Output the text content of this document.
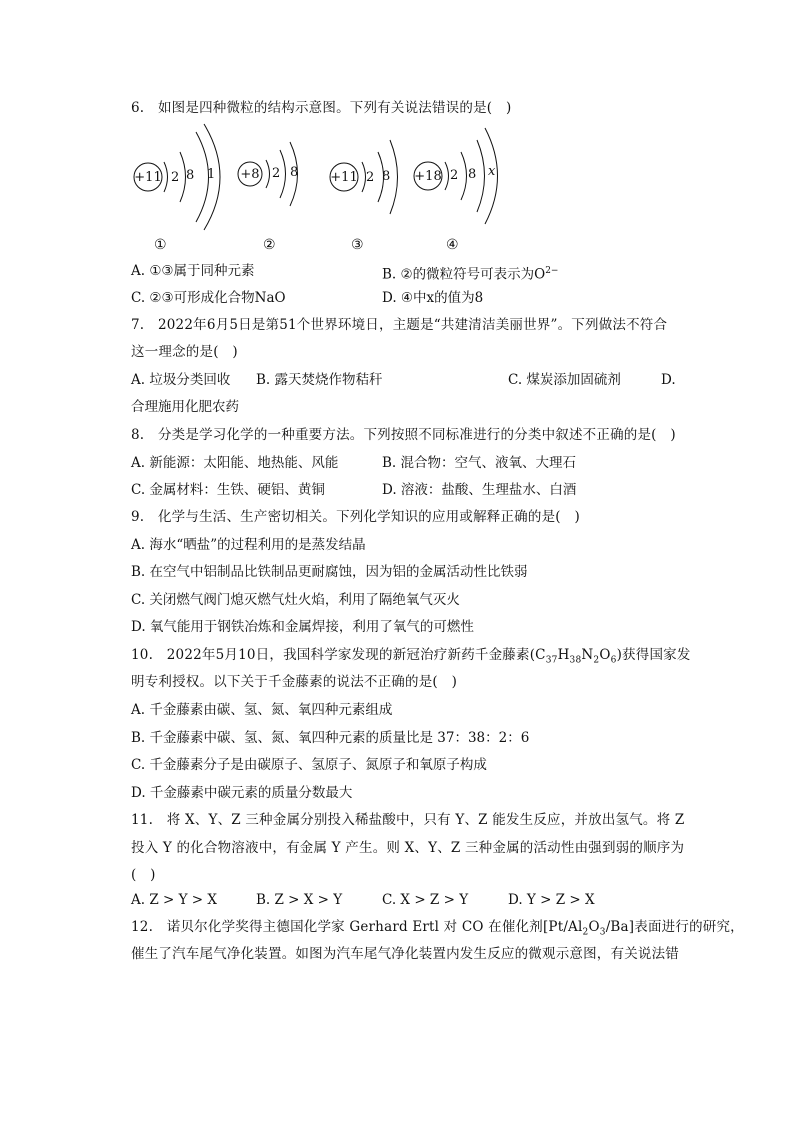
6.　如图是四种微粒的结构示意图。下列有关说法错误的是(　)
+11 2 8 1 +8 2 8 +11 2 8 +18 2 8 x
①	②	③	④
A. ①③属于同种元素	B. ②的微粒符号可表示为$O^{2-}$
C. ②③可形成化合物NaO	D. ④中x的值为8
7.　2022年6月5日是第51个世界环境日，主题是“共建清洁美丽世界”。下列做法不符合
这一理念的是(　)
A. 垃圾分类回收 B. 露天焚烧作物秸秆	C. 煤炭添加固硫剂	D.
合理施用化肥农药
8.　分类是学习化学的一种重要方法。下列按照不同标准进行的分类中叙述不正确的是(　)
A. 新能源：太阳能、地热能、风能	B. 混合物：空气、液氧、大理石
C. 金属材料：生铁、硬铝、黄铜	D. 溶液：盐酸、生理盐水、白酒
9.　化学与生活、生产密切相关。下列化学知识的应用或解释正确的是(　)
A. 海水“晒盐”的过程利用的是蒸发结晶
B. 在空气中铝制品比铁制品更耐腐蚀，因为铝的金属活动性比铁弱
C. 关闭燃气阀门熄灭燃气灶火焰，利用了隔绝氧气灭火
D. 氧气能用于钢铁冶炼和金属焊接，利用了氧气的可燃性
10.　2022年5月10日，我国科学家发现的新冠治疗新药千金藤素$(C_{37}H_{38}N_2O_6)$获得国家发
明专利授权。以下关于千金藤素的说法不正确的是(　)
A. 千金藤素由碳、氢、氮、氧四种元素组成
B. 千金藤素中碳、氢、氮、氧四种元素的质量比是 37：38：2：6
C. 千金藤素分子是由碳原子、氢原子、氮原子和氧原子构成
D. 千金藤素中碳元素的质量分数最大
11.　将 X、Y、Z 三种金属分别投入稀盐酸中，只有 Y、Z 能发生反应，并放出氢气。将 Z
投入 Y 的化合物溶液中，有金属 Y 产生。则 X、Y、Z 三种金属的活动性由强到弱的顺序为
(　)
A. Z > Y > X	B. Z > X > Y	C. X > Z > Y	D. Y > Z > X
12.　诺贝尔化学奖得主德国化学家 Gerhard Ertl 对 CO 在催化剂$[Pt/Al_2O_3/Ba]$表面进行的研究，
催生了汽车尾气净化装置。如图为汽车尾气净化装置内发生反应的微观示意图，有关说法错
